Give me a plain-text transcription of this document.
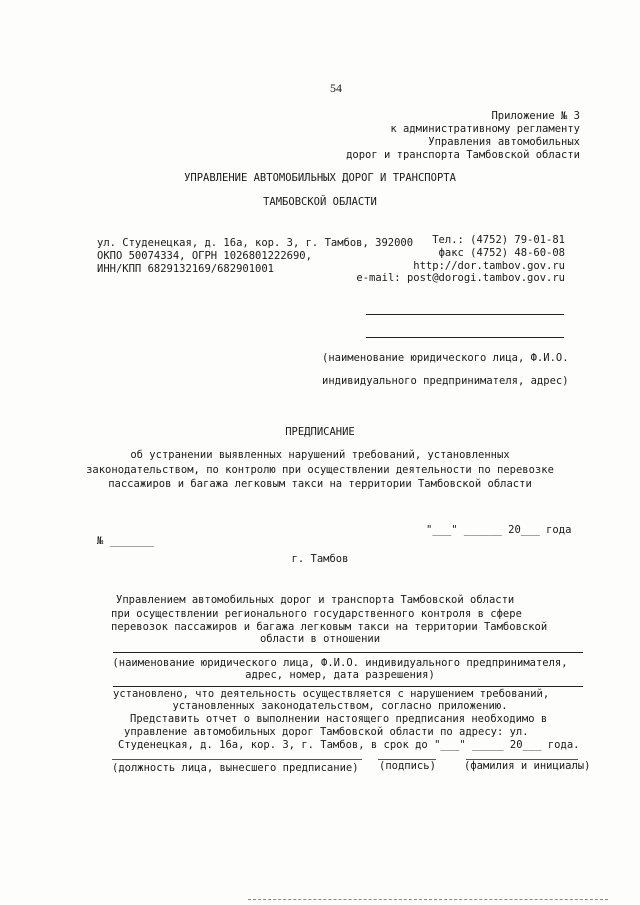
54
Приложение № 3
к административному регламенту
Управления автомобильных
дорог и транспорта Тамбовской области
УПРАВЛЕНИЕ АВТОМОБИЛЬНЫХ ДОРОГ И ТРАНСПОРТА
ТАМБОВСКОЙ ОБЛАСТИ
ул. Студенецкая, д. 16а, кор. 3, г. Тамбов, 392000
ОКПО 50074334, ОГРН 1026801222690,
ИНН/КПП 6829132169/682901001
Тел.: (4752) 79-01-81
факс (4752) 48-60-08
http://dor.tambov.gov.ru
e-mail: post@dorogi.tambov.gov.ru
(наименование юридического лица, Ф.И.О.
индивидуального предпринимателя, адрес)
ПРЕДПИСАНИЕ
об устранении выявленных нарушений требований, установленных
законодательством, по контролю при осуществлении деятельности по перевозке
пассажиров и багажа легковым такси на территории Тамбовской области
№ _______
"___" ______ 20___ года
г. Тамбов
Управлением автомобильных дорог и транспорта Тамбовской области
при осуществлении регионального государственного контроля в сфере
перевозок пассажиров и багажа легковым такси на территории Тамбовской
области в отношении
(наименование юридического лица, Ф.И.О. индивидуального предпринимателя,
адрес, номер, дата разрешения)
установлено, что деятельность осуществляется с нарушением требований,
установленных законодательством, согласно приложению.
Представить отчет о выполнении настоящего предписания необходимо в
управление автомобильных дорог Тамбовской области по адресу: ул.
Студенецкая, д. 16а, кор. 3, г. Тамбов, в срок до "___" _____ 20___ года.
(должность лица, вынесшего предписание) (подпись)	(фамилия и инициалы)
